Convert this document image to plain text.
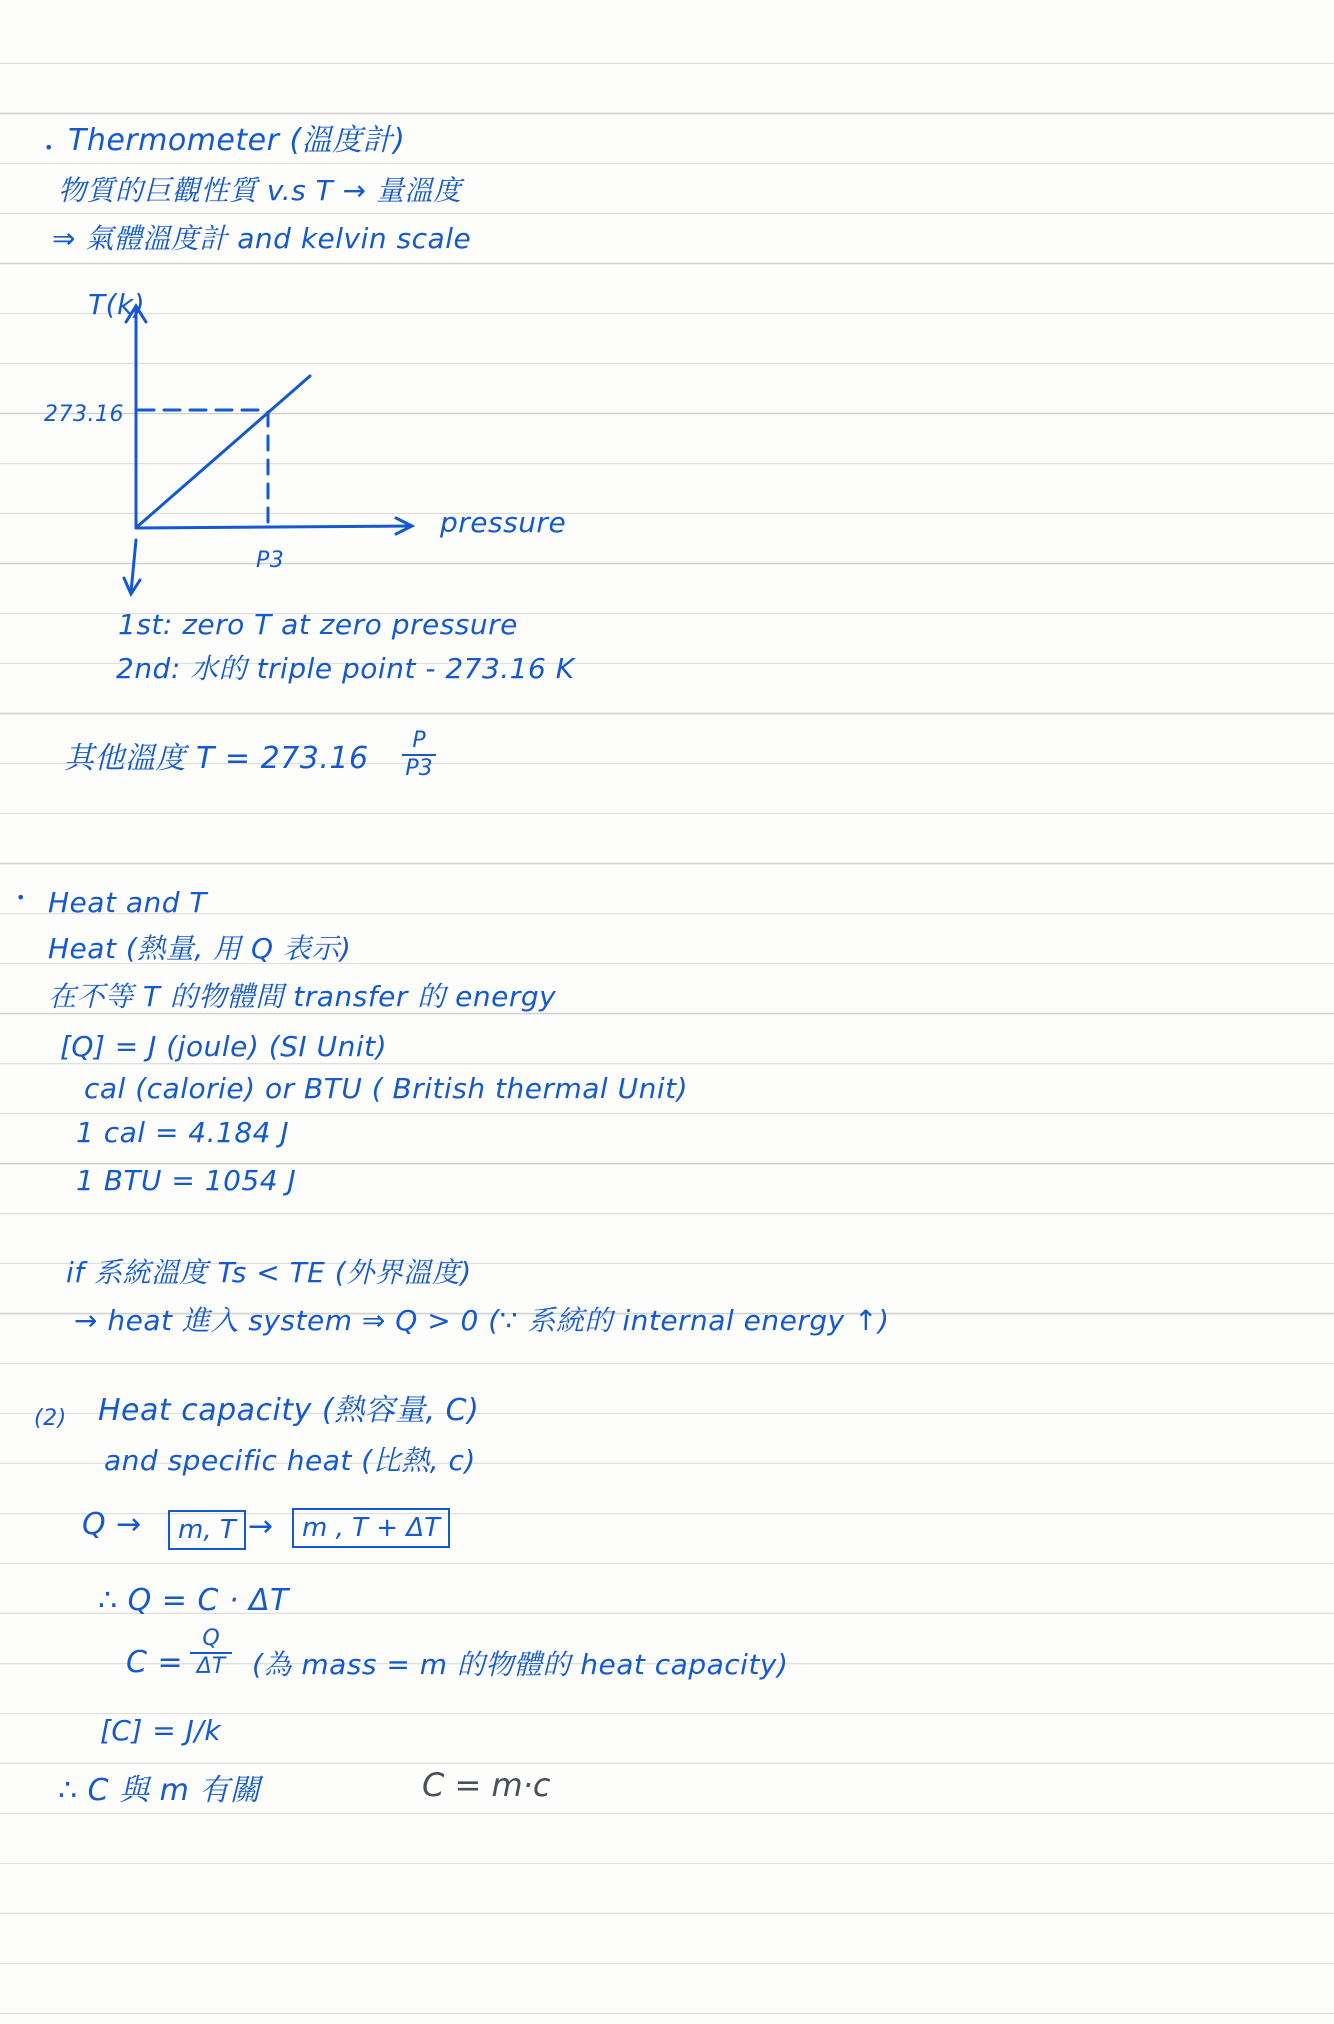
• Thermometer (溫度計)
物質的巨觀性質 v.s T → 量溫度
⇒ 氣體溫度計 and kelvin scale
T(k)
273.16
pressure
P3
1st: zero T at zero pressure
2nd: 水的 triple point - 273.16 K
其他溫度 T = 273.16
P
P3
• Heat and T
Heat (熱量, 用 Q 表示)
在不等 T 的物體間 transfer 的 energy
[Q] = J (joule) (SI Unit)
cal (calorie) or BTU ( British thermal Unit)
1 cal = 4.184 J
1 BTU = 1054 J
if 系統溫度 Ts < TE (外界溫度)
→ heat 進入 system ⇒ Q > 0 (∵ 系統的 internal energy ↑)
(2) Heat capacity (熱容量, C)
and specific heat (比熱, c)
Q →	m, T →	m , T + ΔT
∴ Q = C · ΔT
C =
Q
ΔT (為 mass = m 的物體的 heat capacity)
[C] = J/k
∴ C 與 m 有關	C = m·c
